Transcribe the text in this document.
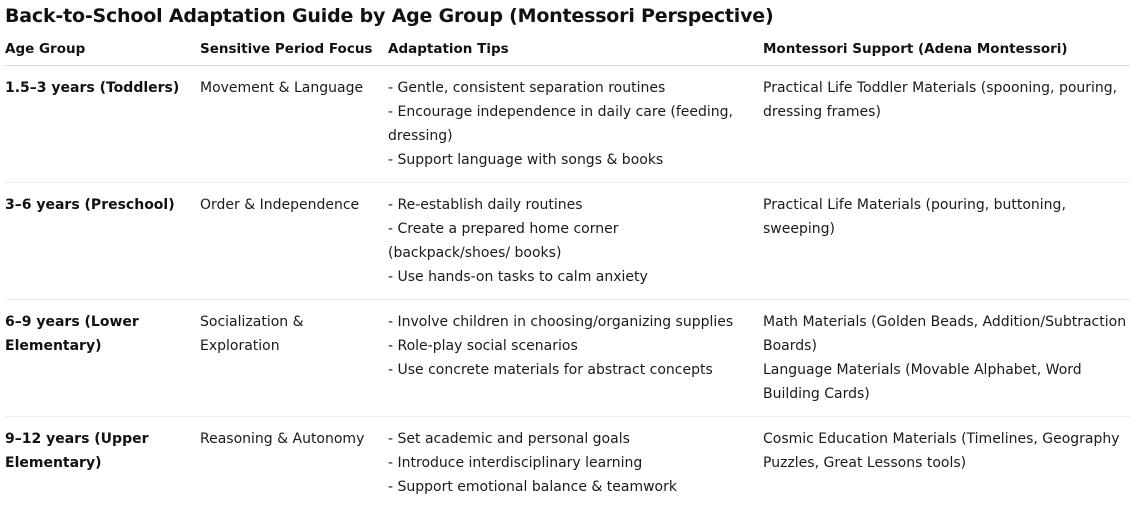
Back-to-School Adaptation Guide by Age Group (Montessori Perspective)
Age Group	Sensitive Period Focus	Adaptation Tips	Montessori Support (Adena Montessori)
1.5–3 years (Toddlers)	Movement & Language	- Gentle, consistent separation routines
- Encourage independence in daily care (feeding, dressing)
- Support language with songs & books	Practical Life Toddler Materials (spooning, pouring, dressing frames)

3–6 years (Preschool)	Order & Independence	- Re-establish daily routines
- Create a prepared home corner (backpack/shoes/ books)
- Use hands-on tasks to calm anxiety	Practical Life Materials (pouring, buttoning, sweeping)

6–9 years (Lower Elementary)	Socialization & Exploration	- Involve children in choosing/organizing supplies
- Role-play social scenarios
- Use concrete materials for abstract concepts	Math Materials (Golden Beads, Addition/Subtraction Boards)
Language Materials (Movable Alphabet, Word Building Cards)

9–12 years (Upper Elementary)	Reasoning & Autonomy	- Set academic and personal goals
- Introduce interdisciplinary learning
- Support emotional balance & teamwork	Cosmic Education Materials (Timelines, Geography Puzzles, Great Lessons tools)
